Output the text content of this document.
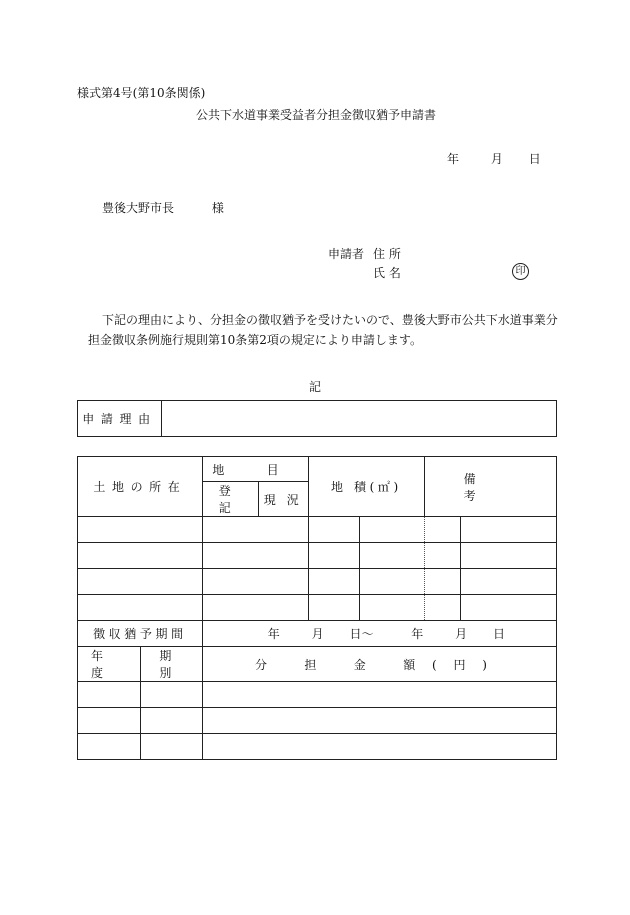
様式第4号(第10条関係)
公共下水道事業受益者分担金徴収猶予申請書
年	月 日
豊後大野市長	様
申請者 住 所
氏 名	印
下記の理由により、分担金の徴収猶予を受けたいので、豊後大野市公共下水道事業分
担金徴収条例施行規則第10条第2項の規定により申請します。
記
申請理由	
土地の所在		地 目		地 積(㎡)		備 考	
		登 記	現 況				

徴収猶予期間		年 月 日〜 年 月 日					
年 度	期 別	分 担 金 額(円)					
